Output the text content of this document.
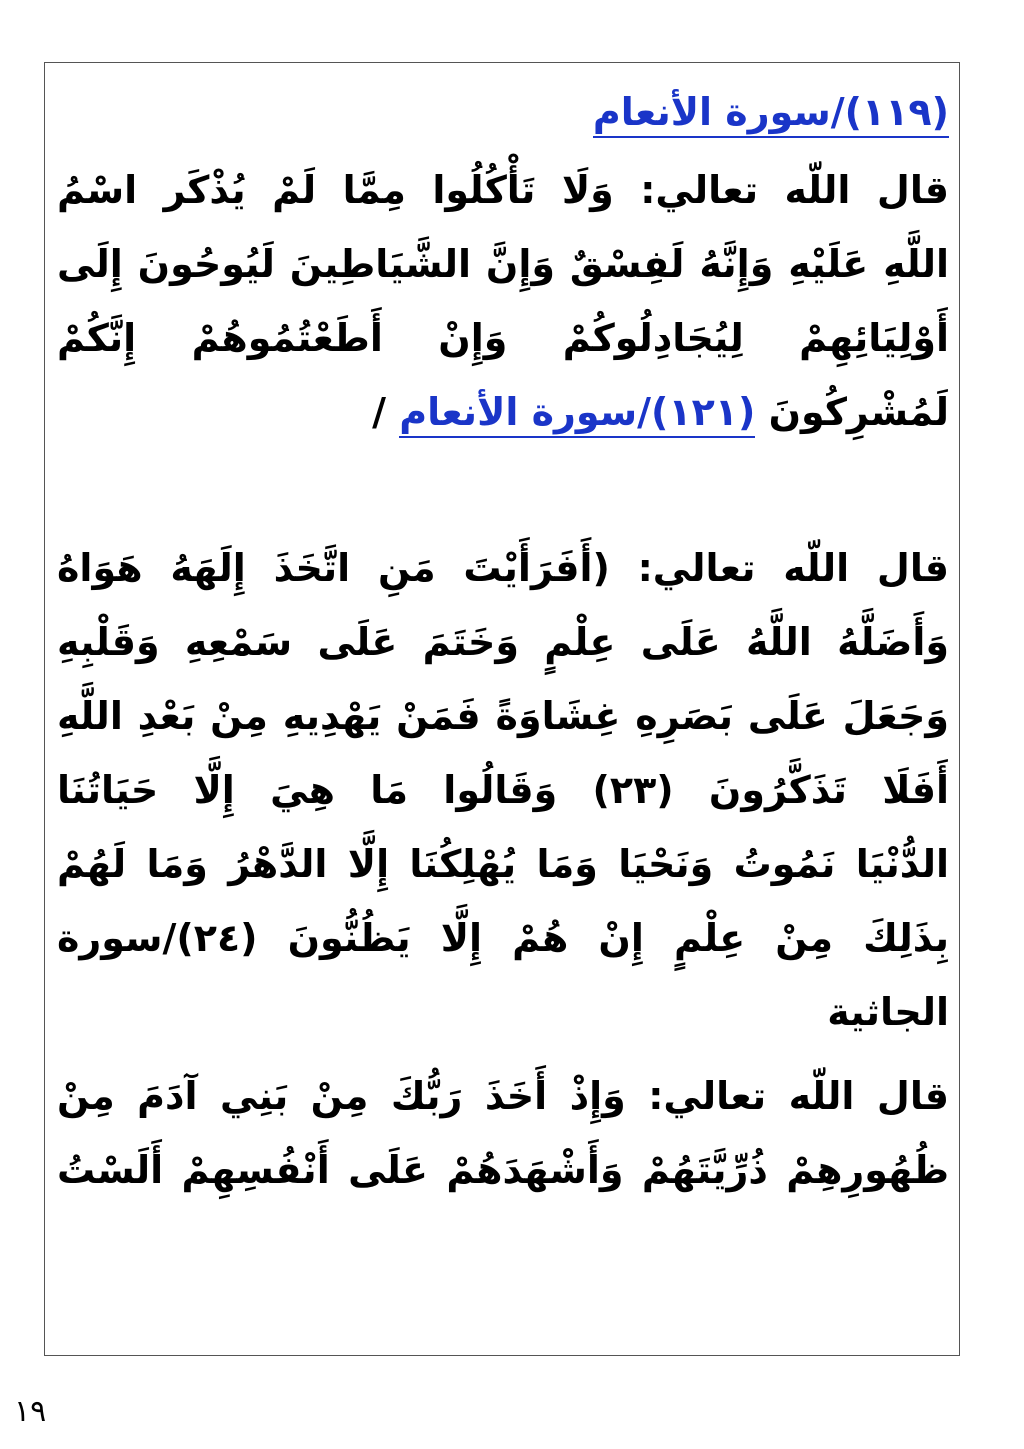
(١١٩)/سورة الأنعام
قال اللّه تعالي: وَلَا تَأْكُلُوا مِمَّا لَمْ يُذْكَر اسْمُ
اللَّهِ عَلَيْهِ وَإِنَّهُ لَفِسْقٌ وَإِنَّ الشَّيَاطِينَ لَيُوحُونَ إِلَى
أَوْلِيَائِهِمْ لِيُجَادِلُوكُمْ وَإِنْ أَطَعْتُمُوهُمْ إِنَّكُمْ
لَمُشْرِكُونَ (١٢١)/سورة الأنعام /
قال اللّه تعالي: (أَفَرَأَيْتَ مَنِ اتَّخَذَ إِلَهَهُ هَوَاهُ
وَأَضَلَّهُ اللَّهُ عَلَى عِلْمٍ وَخَتَمَ عَلَى سَمْعِهِ وَقَلْبِهِ
وَجَعَلَ عَلَى بَصَرِهِ غِشَاوَةً فَمَنْ يَهْدِيهِ مِنْ بَعْدِ اللَّهِ
أَفَلَا تَذَكَّرُونَ (٢٣) وَقَالُوا مَا هِيَ إِلَّا حَيَاتُنَا
الدُّنْيَا نَمُوتُ وَنَحْيَا وَمَا يُهْلِكُنَا إِلَّا الدَّهْرُ وَمَا لَهُمْ
بِذَلِكَ مِنْ عِلْمٍ إِنْ هُمْ إِلَّا يَظُنُّونَ (٢٤)/سورة
الجاثية
قال اللّه تعالي: وَإِذْ أَخَذَ رَبُّكَ مِنْ بَنِي آدَمَ مِنْ
ظُهُورِهِمْ ذُرِّيَّتَهُمْ وَأَشْهَدَهُمْ عَلَى أَنْفُسِهِمْ أَلَسْتُ
١٩
